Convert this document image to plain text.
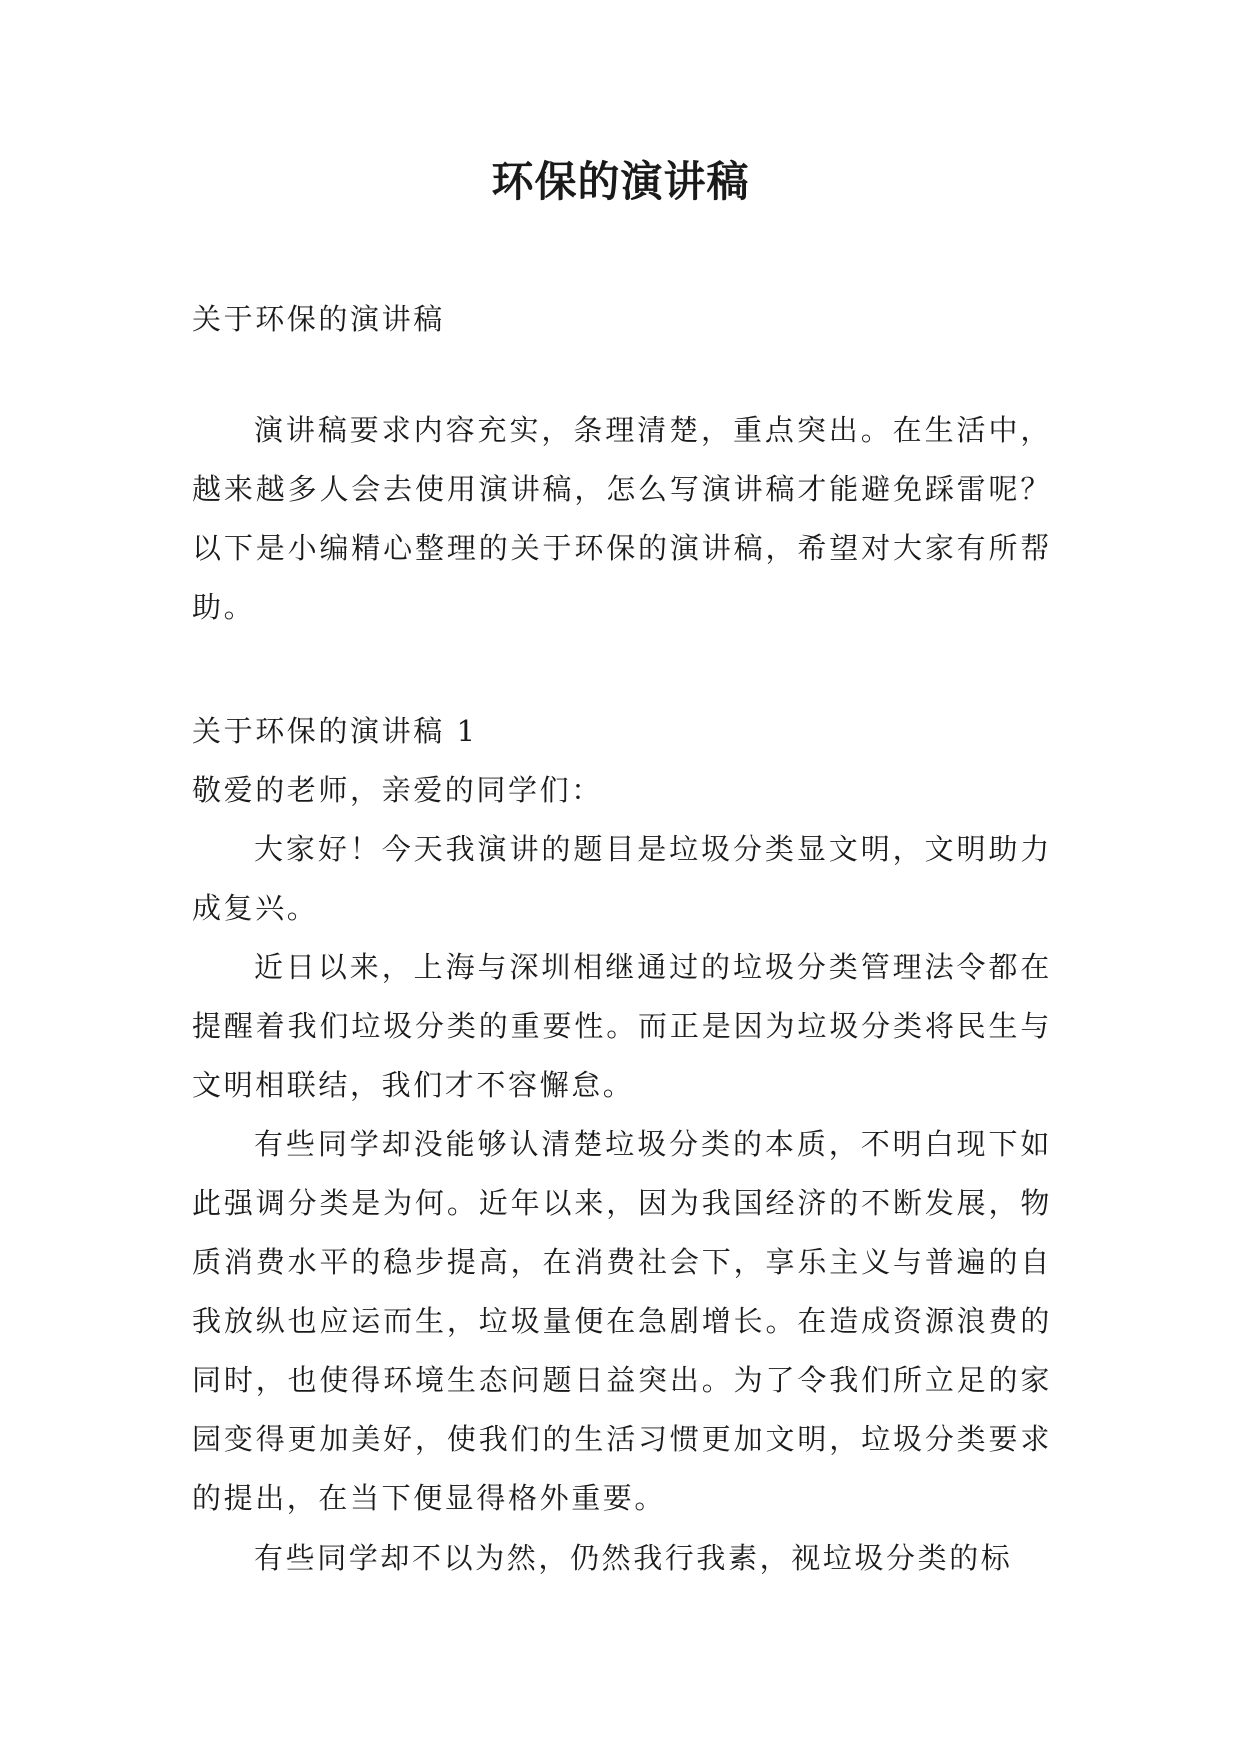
环保的演讲稿

关于环保的演讲稿

演讲稿要求内容充实，条理清楚，重点突出。在生活中，越来越多人会去使用演讲稿，怎么写演讲稿才能避免踩雷呢？以下是小编精心整理的关于环保的演讲稿，希望对大家有所帮助。

关于环保的演讲稿 1

敬爱的老师，亲爱的同学们：

大家好！今天我演讲的题目是垃圾分类显文明，文明助力成复兴。

近日以来，上海与深圳相继通过的垃圾分类管理法令都在提醒着我们垃圾分类的重要性。而正是因为垃圾分类将民生与文明相联结，我们才不容懈怠。

有些同学却没能够认清楚垃圾分类的本质，不明白现下如此强调分类是为何。近年以来，因为我国经济的不断发展，物质消费水平的稳步提高，在消费社会下，享乐主义与普遍的自我放纵也应运而生，垃圾量便在急剧增长。在造成资源浪费的同时，也使得环境生态问题日益突出。为了令我们所立足的家园变得更加美好，使我们的生活习惯更加文明，垃圾分类要求的提出，在当下便显得格外重要。

有些同学却不以为然，仍然我行我素，视垃圾分类的标
